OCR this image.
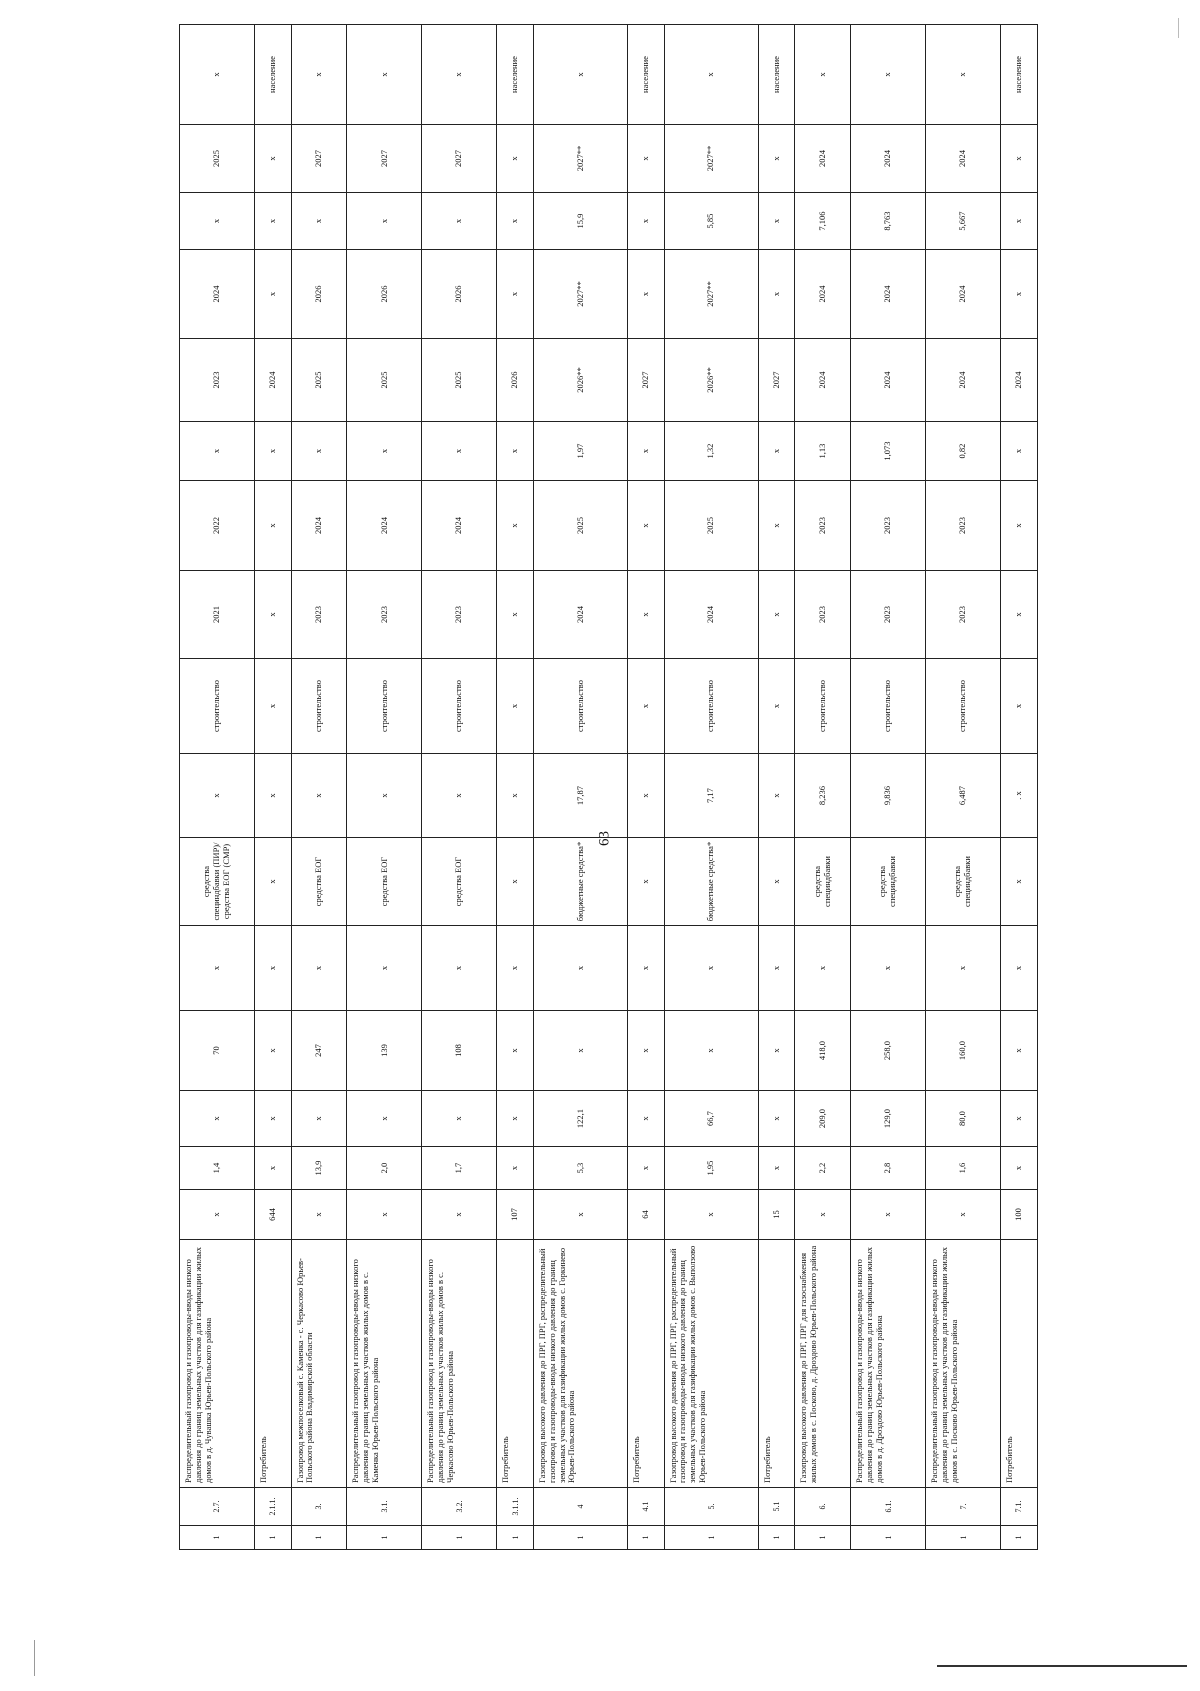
63
1	2.7.	Распределительный газопровод и газопроводы-вводы низкого давления до границ земельных участков для газификации жилых домов в д. Чувашка Юрьев-Польского района	x	1,4	x	70	x	средства специндбавки (ПИР)/средства ЕОГ (СМР)	x	строительство	2021	2022	x	2023	2024	x	2025	x
1	2.1.1.	Потребитель	644	x	x	x	x	x	x	x	x	x	x	2024	x	x	x	население
1	3.	Газопровод межпоселковый с. Каменка - с. Черкасово Юрьев-Польского района Владимирской области	x	13,9	x	247	x	средства ЕОГ	x	строительство	2023	2024	x	2025	2026	x	2027	x
1	3.1.	Распределительный газопровод и газопроводы-вводы низкого давления до границ земельных участков жилых домов в с. Каменка Юрьев-Польского района	x	2,0	x	139	x	средства ЕОГ	x	строительство	2023	2024	x	2025	2026	x	2027	x
1	3.2.	Распределительный газопровод и газопроводы-вводы низкого давления до границ земельных участков жилых домов в с. Черкасово Юрьев-Польского района	x	1,7	x	108	x	средства ЕОГ	x	строительство	2023	2024	x	2025	2026	x	2027	x
1	3.1.1.	Потребитель	107	x	x	x	x	x	x	x	x	x	x	2026	x	x	x	население
1	4	Газопровод высокого давления до ПРГ, ПРГ, распределительный газопровод и газопроводы-вводы низкого давления до границ земельных участков для газификации жилых домов с. Горкинево Юрьев-Польского района	x	5,3	122,1	x	x	бюджетные средства*	17,87	строительство	2024	2025	1,97	2026**	2027**	15,9	2027**	x
1	4.1	Потребитель	64	x	x	x	x	x	x	x	x	x	x	2027	x	x	x	население
1	5.	Газопровод высокого давления до ПРГ, ПРГ, распределительный газопровод и газопроводы-вводы низкого давления до границ земельных участков для газификации жилых домов с. Выползово Юрьев-Польского района	x	1,95	66,7	x	x	бюджетные средства*	7,17	строительство	2024	2025	1,32	2026**	2027**	5,85	2027**	x
1	5.1	Потребитель	15	x	x	x	x	x	x	x	x	x	x	2027	x	x	x	население
1	6.	Газопровод высокого давления до ПРГ, ПРГ для газоснабжения жилых домов в с. Посково, д. Дроздово Юрьев-Польского района	x	2,2	209,0	418,0	x	средства специндбавки	8,236	строительство	2023	2023	1,13	2024	2024	7,106	2024	x
1	6.1.	Распределительный газопровод и газопроводы-вводы низкого давления до границ земельных участков для газификации жилых домов в д. Дроздово Юрьев-Польского района	x	2,8	129,0	258,0	x	средства специндбавки	9,836	строительство	2023	2023	1,073	2024	2024	8,763	2024	x
1	7.	Распределительный газопровод и газопроводы-вводы низкого давления до границ земельных участков для газификации жилых домов в с. Посково Юрьев-Польского района	x	1,6	80,0	160,0	x	средства специндбавки	6,487	строительство	2023	2023	0,82	2024	2024	5,667	2024	x
1	7.1.	Потребитель	100	x	x	x	x	x	. x	x	x	x	x	2024	x	x	x	население
